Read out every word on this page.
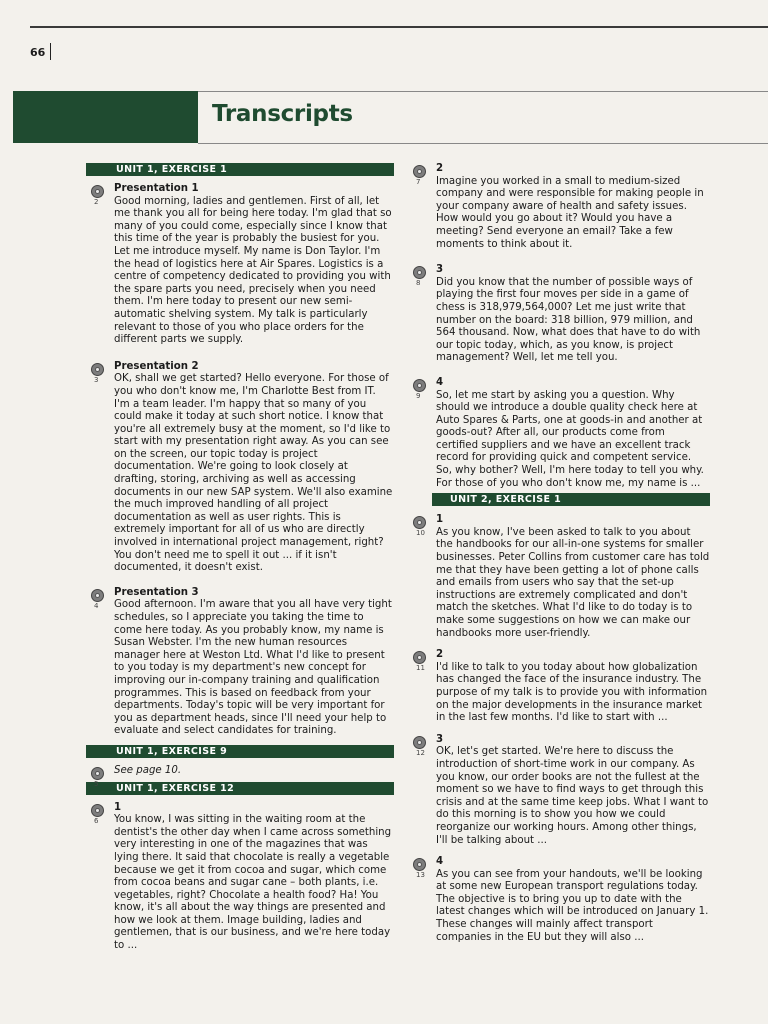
66
Transcripts
UNIT 1, EXERCISE 1
2
Presentation 1

Good morning, ladies and gentlemen. First of all, let me thank you all for being here today. I'm glad that so many of you could come, especially since I know that this time of the year is probably the busiest for you. Let me introduce myself. My name is Don Taylor. I'm the head of logistics here at Air Spares. Logistics is a centre of competency dedicated to providing you with the spare parts you need, precisely when you need them. I'm here today to present our new semi-automatic shelving system. My talk is particularly relevant to those of you who place orders for the different parts we supply.

3
Presentation 2

OK, shall we get started? Hello everyone. For those of you who don't know me, I'm Charlotte Best from IT. I'm a team leader. I'm happy that so many of you could make it today at such short notice. I know that you're all extremely busy at the moment, so I'd like to start with my presentation right away. As you can see on the screen, our topic today is project documentation. We're going to look closely at drafting, storing, archiving as well as accessing documents in our new SAP system. We'll also examine the much improved handling of all project documentation as well as user rights. This is extremely important for all of us who are directly involved in international project management, right? You don't need me to spell it out ... if it isn't documented, it doesn't exist.

4
Presentation 3

Good afternoon. I'm aware that you all have very tight schedules, so I appreciate you taking the time to come here today. As you probably know, my name is Susan Webster. I'm the new human resources manager here at Weston Ltd. What I'd like to present to you today is my department's new concept for improving our in-company training and qualification programmes. This is based on feedback from your departments. Today's topic will be very important for you as department heads, since I'll need your help to evaluate and select candidates for training.

UNIT 1, EXERCISE 9
5

See page 10.

UNIT 1, EXERCISE 12
6
1

You know, I was sitting in the waiting room at the dentist's the other day when I came across something very interesting in one of the magazines that was lying there. It said that chocolate is really a vegetable because we get it from cocoa and sugar, which come from cocoa beans and sugar cane – both plants, i.e. vegetables, right? Chocolate a health food? Ha! You know, it's all about the way things are presented and how we look at them. Image building, ladies and gentlemen, that is our business, and we're here today to ...

7
2

Imagine you worked in a small to medium-sized company and were responsible for making people in your company aware of health and safety issues. How would you go about it? Would you have a meeting? Send everyone an email? Take a few moments to think about it.

8
3

Did you know that the number of possible ways of playing the first four moves per side in a game of chess is 318,979,564,000? Let me just write that number on the board: 318 billion, 979 million, and 564 thousand. Now, what does that have to do with our topic today, which, as you know, is project management? Well, let me tell you.

9
4

So, let me start by asking you a question. Why should we introduce a double quality check here at Auto Spares & Parts, one at goods-in and another at goods-out? After all, our products come from certified suppliers and we have an excellent track record for providing quick and competent service. So, why bother? Well, I'm here today to tell you why. For those of you who don't know me, my name is ...

UNIT 2, EXERCISE 1
10
1

As you know, I've been asked to talk to you about the handbooks for our all-in-one systems for smaller businesses. Peter Collins from customer care has told me that they have been getting a lot of phone calls and emails from users who say that the set-up instructions are extremely complicated and don't match the sketches. What I'd like to do today is to make some suggestions on how we can make our handbooks more user-friendly.

11
2

I'd like to talk to you today about how globalization has changed the face of the insurance industry. The purpose of my talk is to provide you with information on the major developments in the insurance market in the last few months. I'd like to start with ...

12
3

OK, let's get started. We're here to discuss the introduction of short-time work in our company. As you know, our order books are not the fullest at the moment so we have to find ways to get through this crisis and at the same time keep jobs. What I want to do this morning is to show you how we could reorganize our working hours. Among other things, I'll be talking about ...

13
4

As you can see from your handouts, we'll be looking at some new European transport regulations today. The objective is to bring you up to date with the latest changes which will be introduced on January 1. These changes will mainly affect transport companies in the EU but they will also ...
